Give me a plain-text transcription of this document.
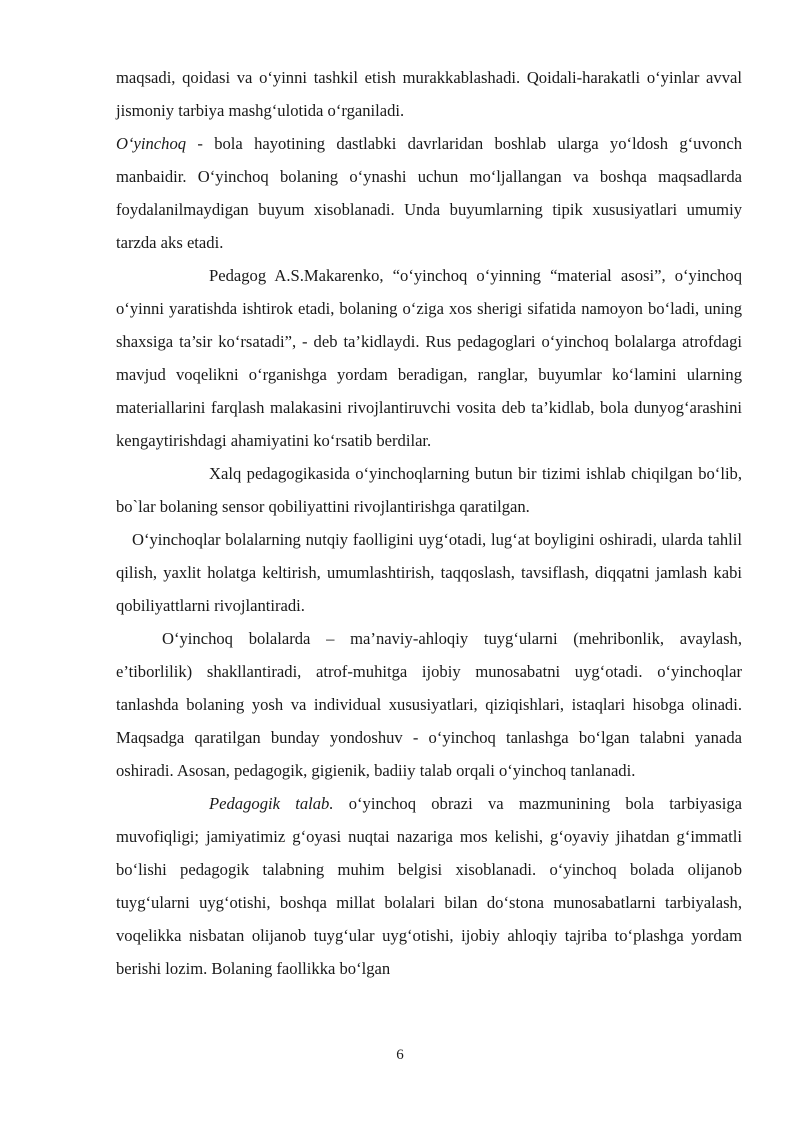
maqsadi, qoidasi va o‘yinni tashkil etish murakkablashadi. Qoidali-harakatli o‘yinlar avval jismoniy tarbiya mashg‘ulotida o‘rganiladi.

O‘yinchoq - bola hayotining dastlabki davrlaridan boshlab ularga yo‘ldosh g‘uvonch manbaidir. O‘yinchoq bolaning o‘ynashi uchun mo‘ljallangan va boshqa maqsadlarda foydalanilmaydigan buyum xisoblanadi. Unda buyumlarning tipik xususiyatlari umumiy tarzda aks etadi.

Pedagog A.S.Makarenko, “o‘yinchoq o‘yinning “material asosi”, o‘yinchoq o‘yinni yaratishda ishtirok etadi, bolaning o‘ziga xos sherigi sifatida namoyon bo‘ladi, uning shaxsiga ta’sir ko‘rsatadi”, - deb ta’kidlaydi. Rus pedagoglari o‘yinchoq bolalarga atrofdagi mavjud voqelikni o‘rganishga yordam beradigan, ranglar, buyumlar ko‘lamini ularning materiallarini farqlash malakasini rivojlantiruvchi vosita deb ta’kidlab, bola dunyog‘arashini kengaytirishdagi ahamiyatini ko‘rsatib berdilar.

Xalq pedagogikasida o‘yinchoqlarning butun bir tizimi ishlab chiqilgan bo‘lib, bo`lar bolaning sensor qobiliyattini rivojlantirishga qaratilgan.

O‘yinchoqlar bolalarning nutqiy faolligini uyg‘otadi, lug‘at boyligini oshiradi, ularda tahlil qilish, yaxlit holatga keltirish, umumlashtirish, taqqoslash, tavsiflash, diqqatni jamlash kabi qobiliyattlarni rivojlantiradi.

O‘yinchoq bolalarda – ma’naviy-ahloqiy tuyg‘ularni (mehribonlik, avaylash, e’tiborlilik) shakllantiradi, atrof-muhitga ijobiy munosabatni uyg‘otadi. o‘yinchoqlar tanlashda bolaning yosh va individual xususiyatlari, qiziqishlari, istaqlari hisobga olinadi. Maqsadga qaratilgan bunday yondoshuv - o‘yinchoq tanlashga bo‘lgan talabni yanada oshiradi. Asosan, pedagogik, gigienik, badiiy talab orqali o‘yinchoq tanlanadi.

Pedagogik talab. o‘yinchoq obrazi va mazmunining bola tarbiyasiga muvofiqligi; jamiyatimiz g‘oyasi nuqtai nazariga mos kelishi, g‘oyaviy jihatdan g‘immatli bo‘lishi pedagogik talabning muhim belgisi xisoblanadi. o‘yinchoq bolada olijanob tuyg‘ularni uyg‘otishi, boshqa millat bolalari bilan do‘stona munosabatlarni tarbiyalash, voqelikka nisbatan olijanob tuyg‘ular uyg‘otishi, ijobiy ahloqiy tajriba to‘plashga yordam berishi lozim. Bolaning faollikka bo‘lgan

6
